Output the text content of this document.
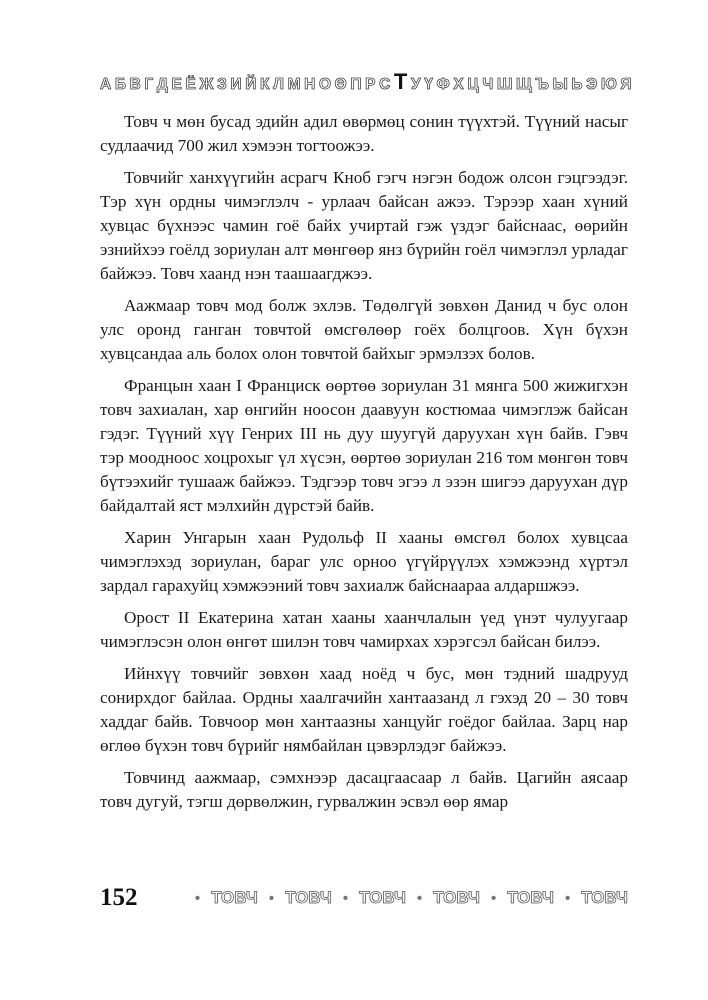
А Б В Г Д Е Ё Ж З И Й К Л М Н О Ө П Р С Т У Ү Ф Х Ц Ч Ш Щ Ъ Ы Ь Э Ю Я

Товч ч мөн бусад эдийн адил өвөрмөц сонин түүхтэй. Түүний насыг судлаачид 700 жил хэмээн тогтоожээ.

Товчийг ханхүүгийн асрагч Кноб гэгч нэгэн бодож олсон гэцгээдэг. Тэр хүн ордны чимэглэлч - урлаач байсан ажээ. Тэрээр хаан хүний хувцас бүхнээс чамин гоё байх учиртай гэж үздэг байснаас, өөрийн эзнийхээ гоёлд зориулан алт мөнгөөр янз бүрийн гоёл чимэглэл урладаг байжээ. Товч хаанд нэн таашаагджээ.

Аажмаар товч мод болж эхлэв. Төдөлгүй зөвхөн Данид ч бус олон улс оронд ганган товчтой өмсгөлөөр гоёх болцгоов. Хүн бүхэн хувцсандаа аль болох олон товчтой байхыг эрмэлзэх болов.

Францын хаан I Франциск өөртөө зориулан 31 мянга 500 жижигхэн товч захиалан, хар өнгийн ноосон даавуун костюмаа чимэглэж байсан гэдэг. Түүний хүү Генрих III нь дуу шуугүй даруухан хүн байв. Гэвч тэр моодноос хоцрохыг үл хүсэн, өөртөө зориулан 216 том мөнгөн товч бүтээхийг тушааж байжээ. Тэдгээр товч эгээ л эзэн шигээ даруухан дүр байдалтай яст мэлхийн дүрстэй байв.

Харин Унгарын хаан Рудольф II хааны өмсгөл болох хувцсаа чимэглэхэд зориулан, бараг улс орноо үгүйрүүлэх хэмжээнд хүртэл зардал гарахуйц хэмжээний товч захиалж байснаараа алдаршжээ.

Орост II Екатерина хатан хааны хаанчлалын үед үнэт чулуугаар чимэглэсэн олон өнгөт шилэн товч чамирхах хэрэгсэл байсан билээ.

Ийнхүү товчийг зөвхөн хаад ноёд ч бус, мөн тэдний шадрууд сонирхдог байлаа. Ордны хаалгачийн хантаазанд л гэхэд 20 – 30 товч хаддаг байв. Товчоор мөн хантаазны ханцуйг гоёдог байлаа. Зарц нар өглөө бүхэн товч бүрийг нямбайлан цэвэрлэдэг байжээ.

Товчинд аажмаар, сэмхнээр дасацгаасаар л байв. Цагийн аясаар товч дугуй, тэгш дөрвөлжин, гурвалжин эсвэл өөр ямар

152	• ТОВЧ • ТОВЧ • ТОВЧ • ТОВЧ • ТОВЧ • ТОВЧ
